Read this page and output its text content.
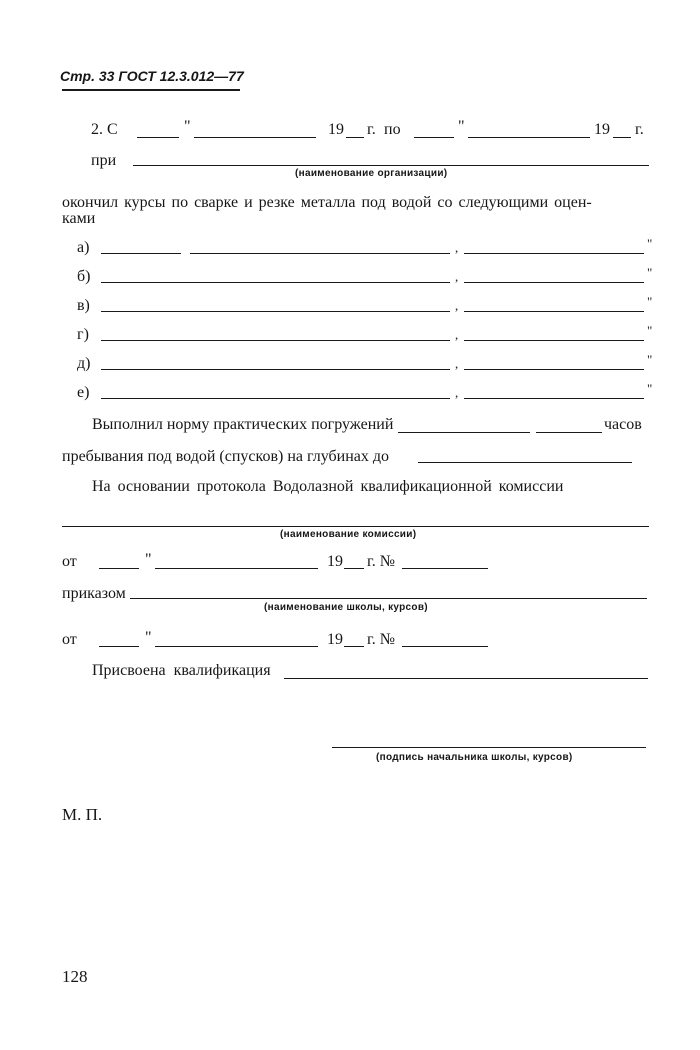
Стр. 33 ГОСТ 12.3.012—77
2. С	"	19 г. по	"	19 г.
при
(наименование организации)
окончил курсы по сварке и резке металла под водой со следующими оцен-
ками
а)	,	"
б)	,	"
в)	,	"
г)	,	"
д)	,	"
е)	,	"
Выполнил норму практических погружений	часов
пребывания под водой (спусков) на глубинах до
На основании протокола Водолазной квалификационной комиссии
(наименование комиссии)
от	"	19 г. №
приказом
(наименование школы, курсов)
от	"	19 г. №
Присвоена квалификация
(подпись начальника школы, курсов)
М. П.
128
